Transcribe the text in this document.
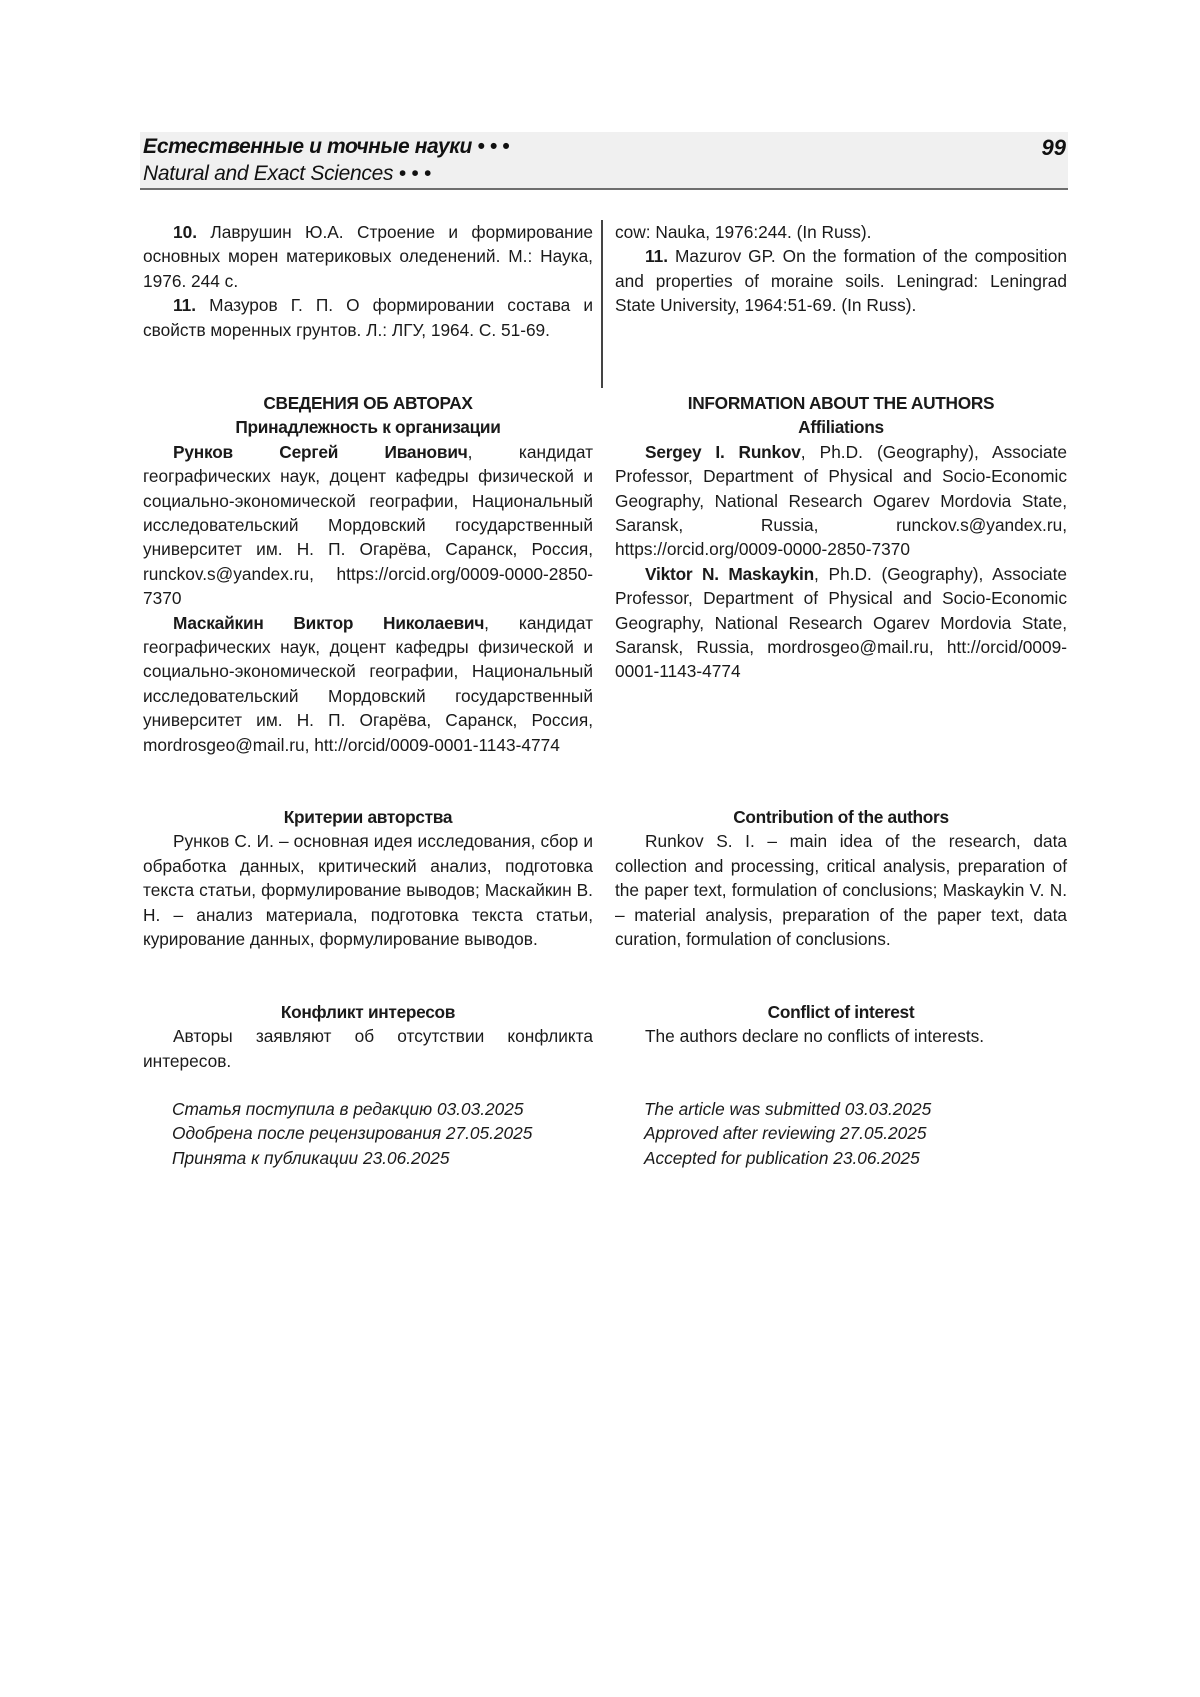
Естественные и точные науки • • •
Natural and Exact Sciences • • •
99

10. Лаврушин Ю.А. Строение и формирование основных морен материковых оледенений. М.: Наука, 1976. 244 с.

11. Мазуров Г. П. О формировании состава и свойств моренных грунтов. Л.: ЛГУ, 1964. С. 51-69.

cow: Nauka, 1976:244. (In Russ).

11. Mazurov GP. On the formation of the composition and properties of moraine soils. Leningrad: Leningrad State University, 1964:51-69. (In Russ).

СВЕДЕНИЯ ОБ АВТОРАХ

Принадлежность к организации

Рунков Сергей Иванович, кандидат географических наук, доцент кафедры физической и социально-экономической географии, Национальный исследовательский Мордовский государственный университет им. Н. П. Огарёва, Саранск, Россия, runckov.s@yandex.ru, https://orcid.org/0009-0000-2850-7370

Маскайкин Виктор Николаевич, кандидат географических наук, доцент кафедры физической и социально-экономической географии, Национальный исследовательский Мордовский государственный университет им. Н. П. Огарёва, Саранск, Россия, mordrosgeo@mail.ru, htt://orcid/0009-0001-1143-4774

INFORMATION ABOUT THE AUTHORS

Affiliations

Sergey I. Runkov, Ph.D. (Geography), Associate Professor, Department of Physical and Socio-Economic Geography, National Research Ogarev Mordovia State, Saransk, Russia, runckov.s@yandex.ru, https://orcid.org/0009-0000-2850-7370

Viktor N. Maskaykin, Ph.D. (Geography), Associate Professor, Department of Physical and Socio-Economic Geography, National Research Ogarev Mordovia State, Saransk, Russia, mordrosgeo@mail.ru, htt://orcid/0009-0001-1143-4774

Критерии авторства

Рунков С. И. – основная идея исследования, сбор и обработка данных, критический анализ, подготовка текста статьи, формулирование выводов; Маскайкин В. Н. – анализ материала, подготовка текста статьи, курирование данных, формулирование выводов.

Contribution of the authors

Runkov S. I. – main idea of the research, data collection and processing, critical analysis, preparation of the paper text, formulation of conclusions; Maskaykin V. N. – material analysis, preparation of the paper text, data curation, formulation of conclusions.

Конфликт интересов

Авторы заявляют об отсутствии конфликта интересов.

Conflict of interest

The authors declare no conflicts of interests.

Статья поступила в редакцию 03.03.2025

Одобрена после рецензирования 27.05.2025

Принята к публикации 23.06.2025

The article was submitted 03.03.2025

Approved after reviewing 27.05.2025

Accepted for publication 23.06.2025
